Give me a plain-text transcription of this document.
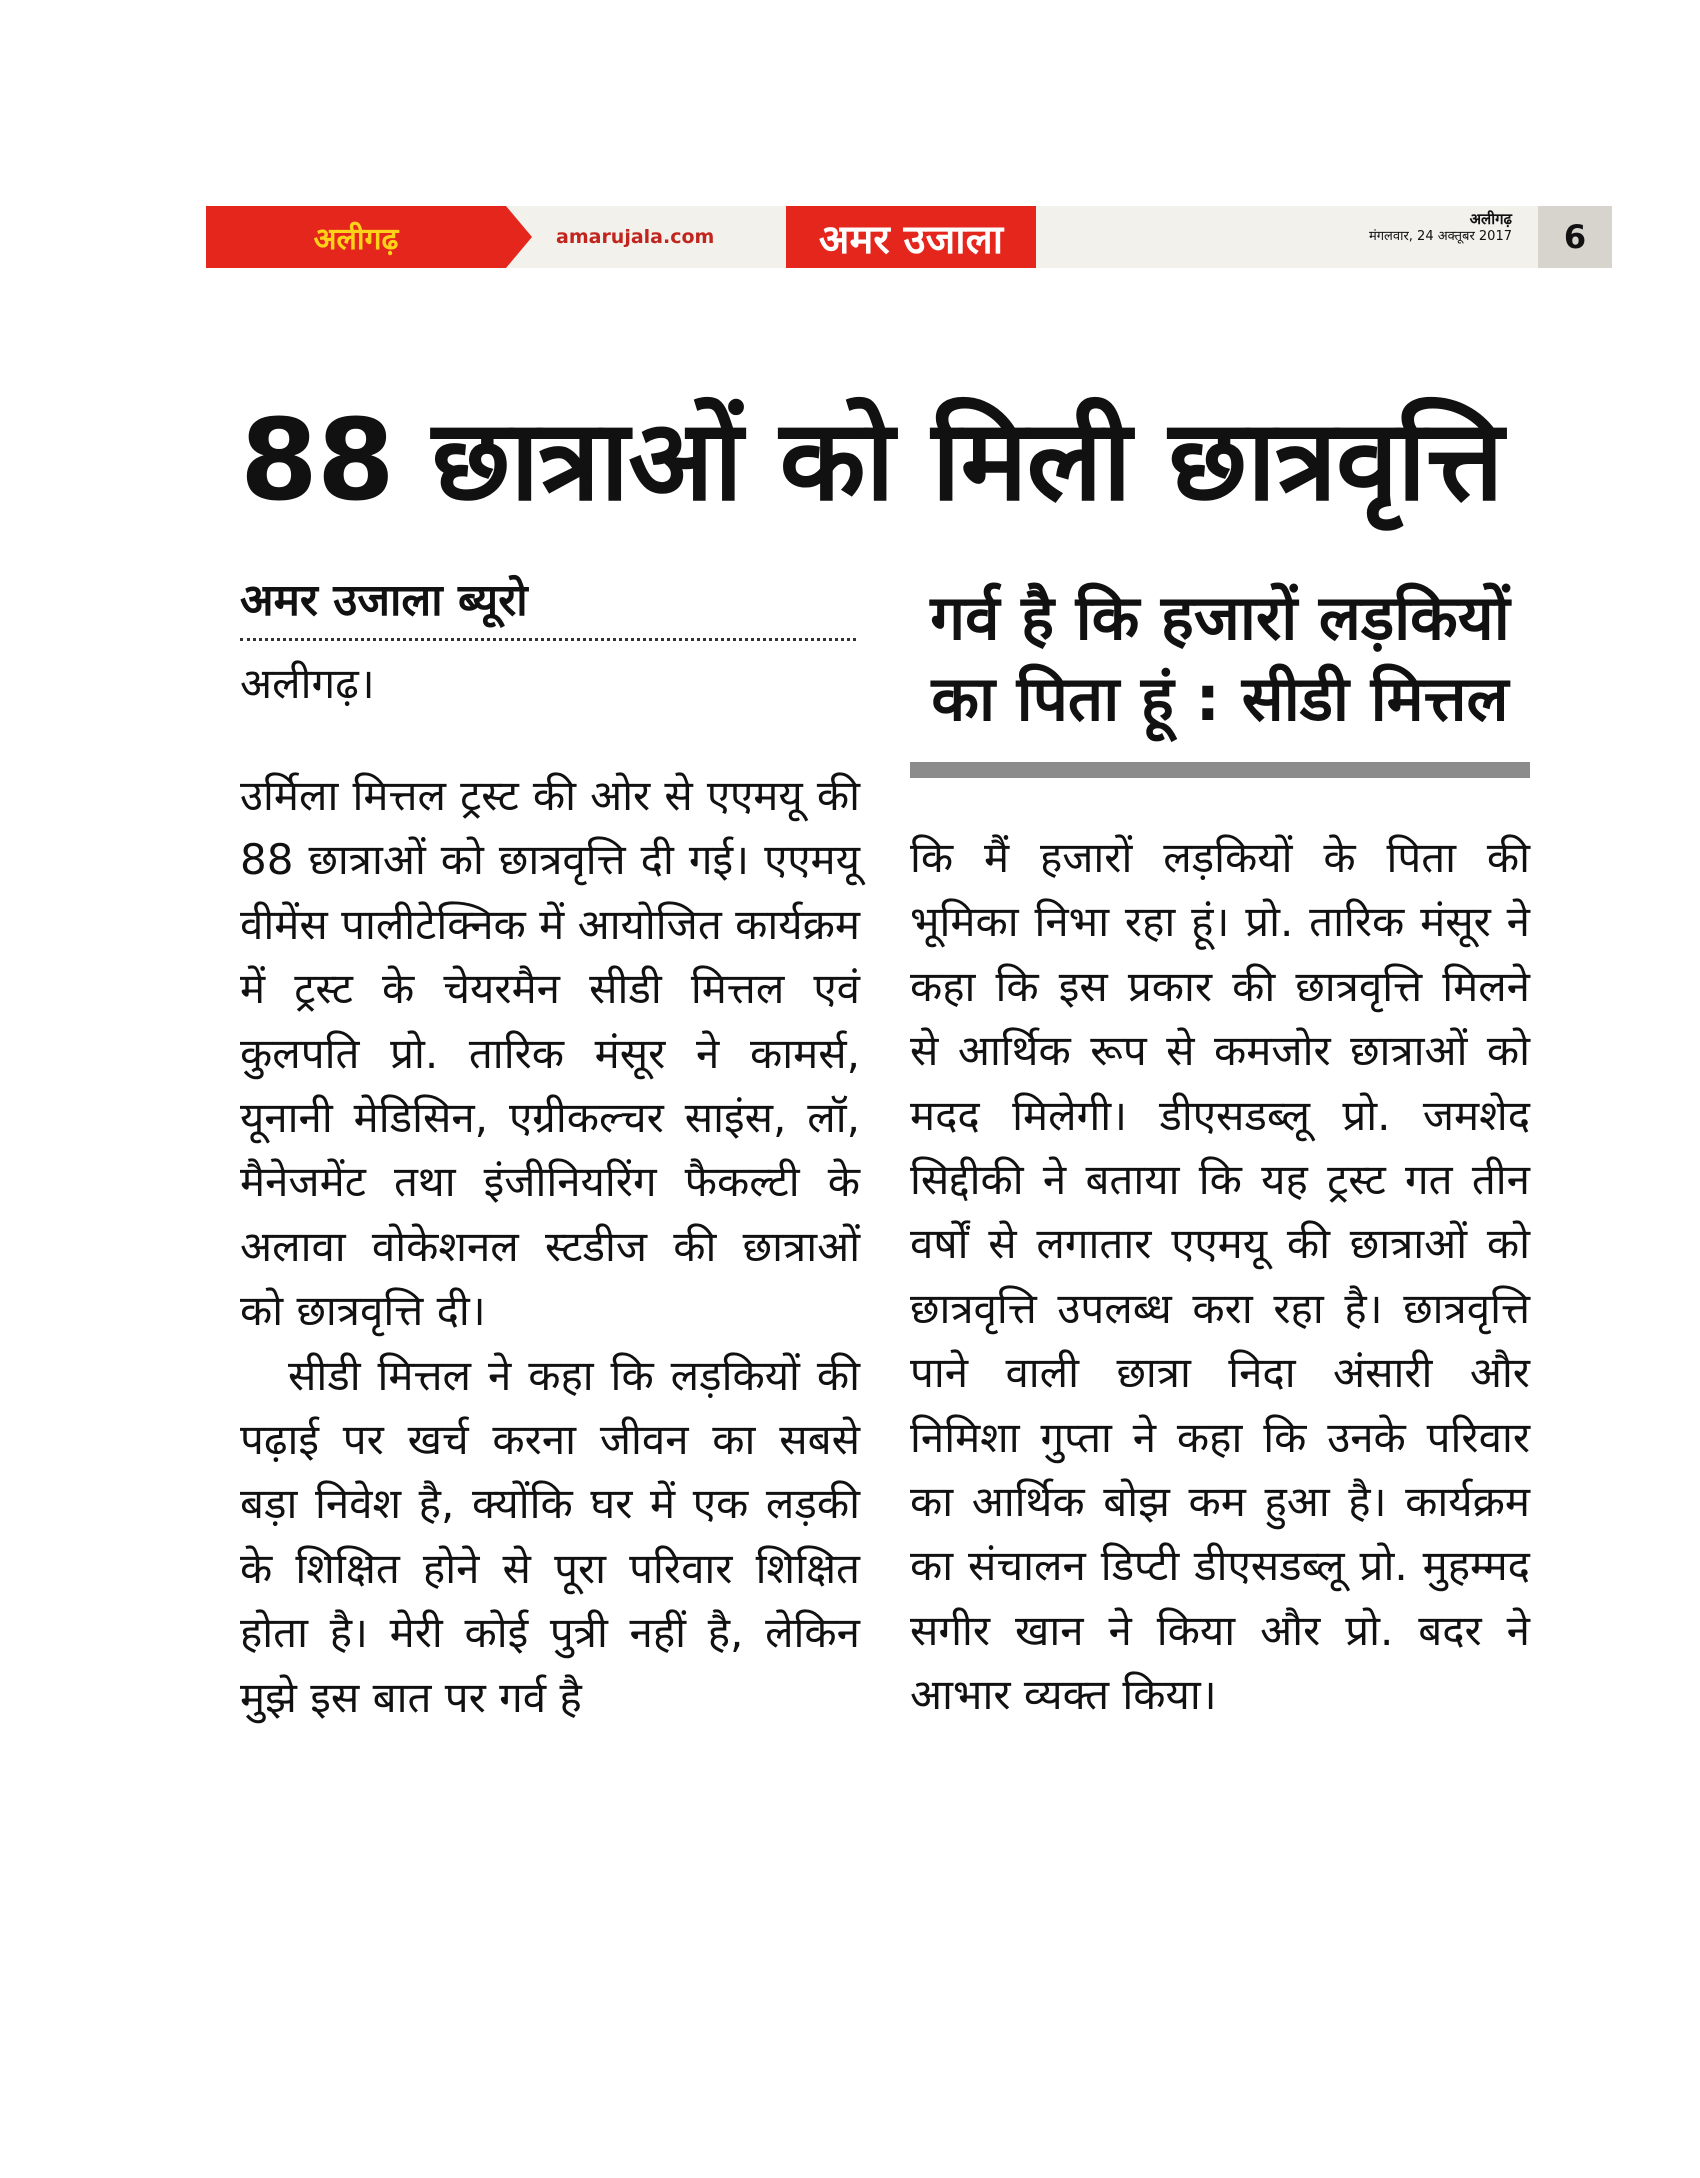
अलीगढ़	amarujala.com	अमर उजाला	अलीगढ़
मंगलवार, 24 अक्तूबर 2017	6
88 छात्राओं को मिली छात्रवृत्ति
अमर उजाला ब्यूरो
अलीगढ़।
गर्व है कि हजारों लड़कियों
का पिता हूं : सीडी मित्तल

उर्मिला मित्तल ट्रस्ट की ओर से एएमयू की 88 छात्राओं को छात्रवृत्ति दी गई। एएमयू वीमेंस पालीटेक्निक में आयोजित कार्यक्रम में ट्रस्ट के चेयरमैन सीडी मित्तल एवं कुलपति प्रो. तारिक मंसूर ने कामर्स, यूनानी मेडिसिन, एग्रीकल्चर साइंस, लॉ, मैनेजमेंट तथा इंजीनियरिंग फैकल्टी के अलावा वोकेशनल स्टडीज की छात्राओं को छात्रवृत्ति दी।

सीडी मित्तल ने कहा कि लड़कियों की पढ़ाई पर खर्च करना जीवन का सबसे बड़ा निवेश है, क्योंकि घर में एक लड़की के शिक्षित होने से पूरा परिवार शिक्षित होता है। मेरी कोई पुत्री नहीं है, लेकिन मुझे इस बात पर गर्व है

कि मैं हजारों लड़कियों के पिता की भूमिका निभा रहा हूं। प्रो. तारिक मंसूर ने कहा कि इस प्रकार की छात्रवृत्ति मिलने से आर्थिक रूप से कमजोर छात्राओं को मदद मिलेगी। डीएसडब्लू प्रो. जमशेद सिद्दीकी ने बताया कि यह ट्रस्ट गत तीन वर्षों से लगातार एएमयू की छात्राओं को छात्रवृत्ति उपलब्ध करा रहा है। छात्रवृत्ति पाने वाली छात्रा निदा अंसारी और निमिशा गुप्ता ने कहा कि उनके परिवार का आर्थिक बोझ कम हुआ है। कार्यक्रम का संचालन डिप्टी डीएसडब्लू प्रो. मुहम्मद सगीर खान ने किया और प्रो. बदर ने आभार व्यक्त किया।
